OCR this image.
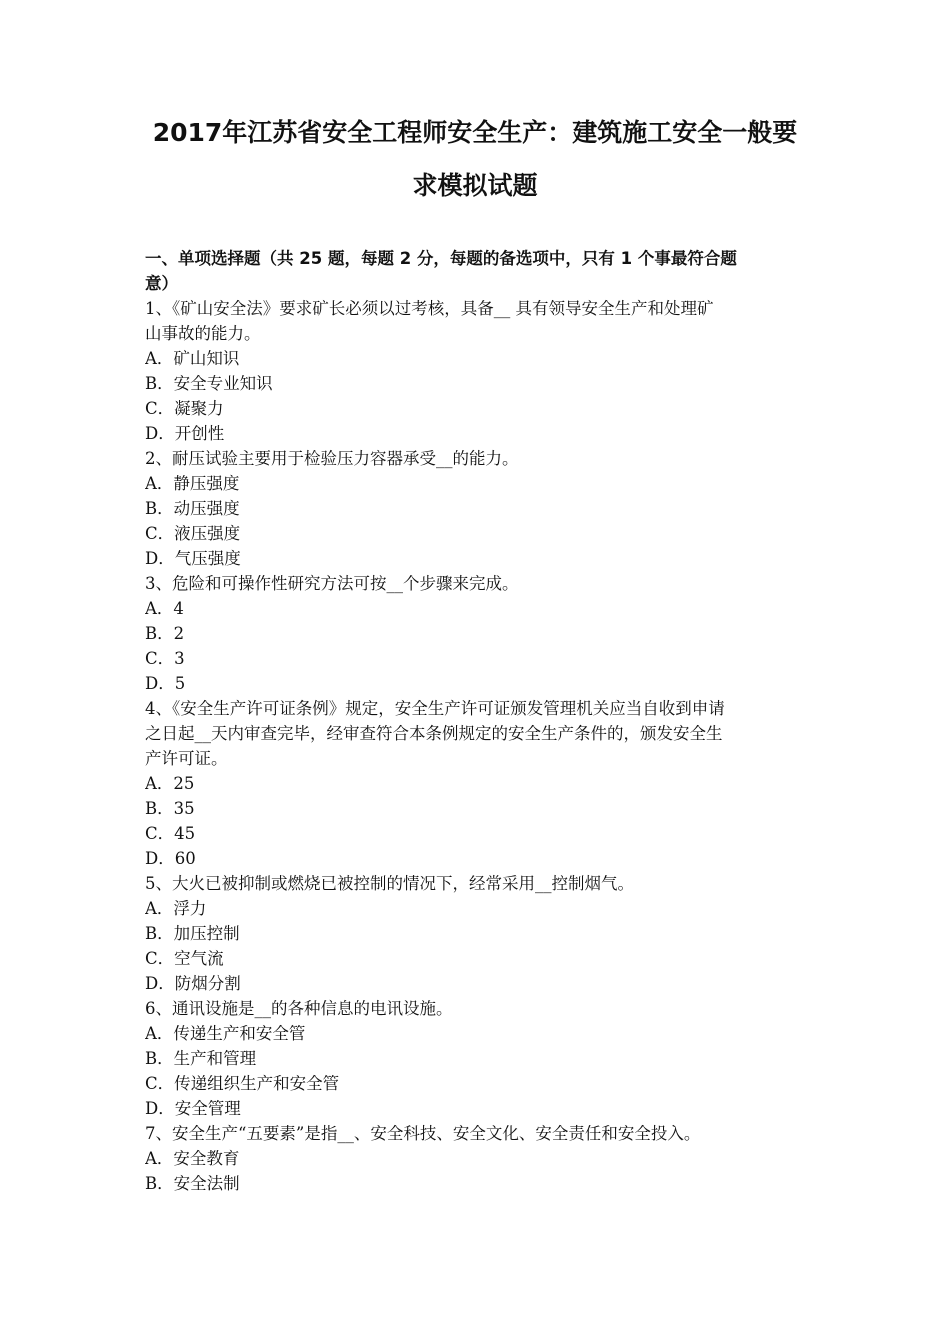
2017年江苏省安全工程师安全生产：建筑施工安全一般要
求模拟试题
一、单项选择题（共 25 题，每题 2 分，每题的备选项中，只有 1 个事最符合题
意）
1、《矿山安全法》要求矿长必须以过考核，具备__ 具有领导安全生产和处理矿
山事故的能力。
A．矿山知识
B．安全专业知识
C．凝聚力
D．开创性
2、耐压试验主要用于检验压力容器承受__的能力。
A．静压强度
B．动压强度
C．液压强度
D．气压强度
3、危险和可操作性研究方法可按__个步骤来完成。
A．4
B．2
C．3
D．5
4、《安全生产许可证条例》规定，安全生产许可证颁发管理机关应当自收到申请
之日起__天内审查完毕，经审查符合本条例规定的安全生产条件的，颁发安全生
产许可证。
A．25
B．35
C．45
D．60
5、大火已被抑制或燃烧已被控制的情况下，经常采用__控制烟气。
A．浮力
B．加压控制
C．空气流
D．防烟分割
6、通讯设施是__的各种信息的电讯设施。
A．传递生产和安全管
B．生产和管理
C．传递组织生产和安全管
D．安全管理
7、安全生产“五要素”是指__、安全科技、安全文化、安全责任和安全投入。
A．安全教育
B．安全法制
